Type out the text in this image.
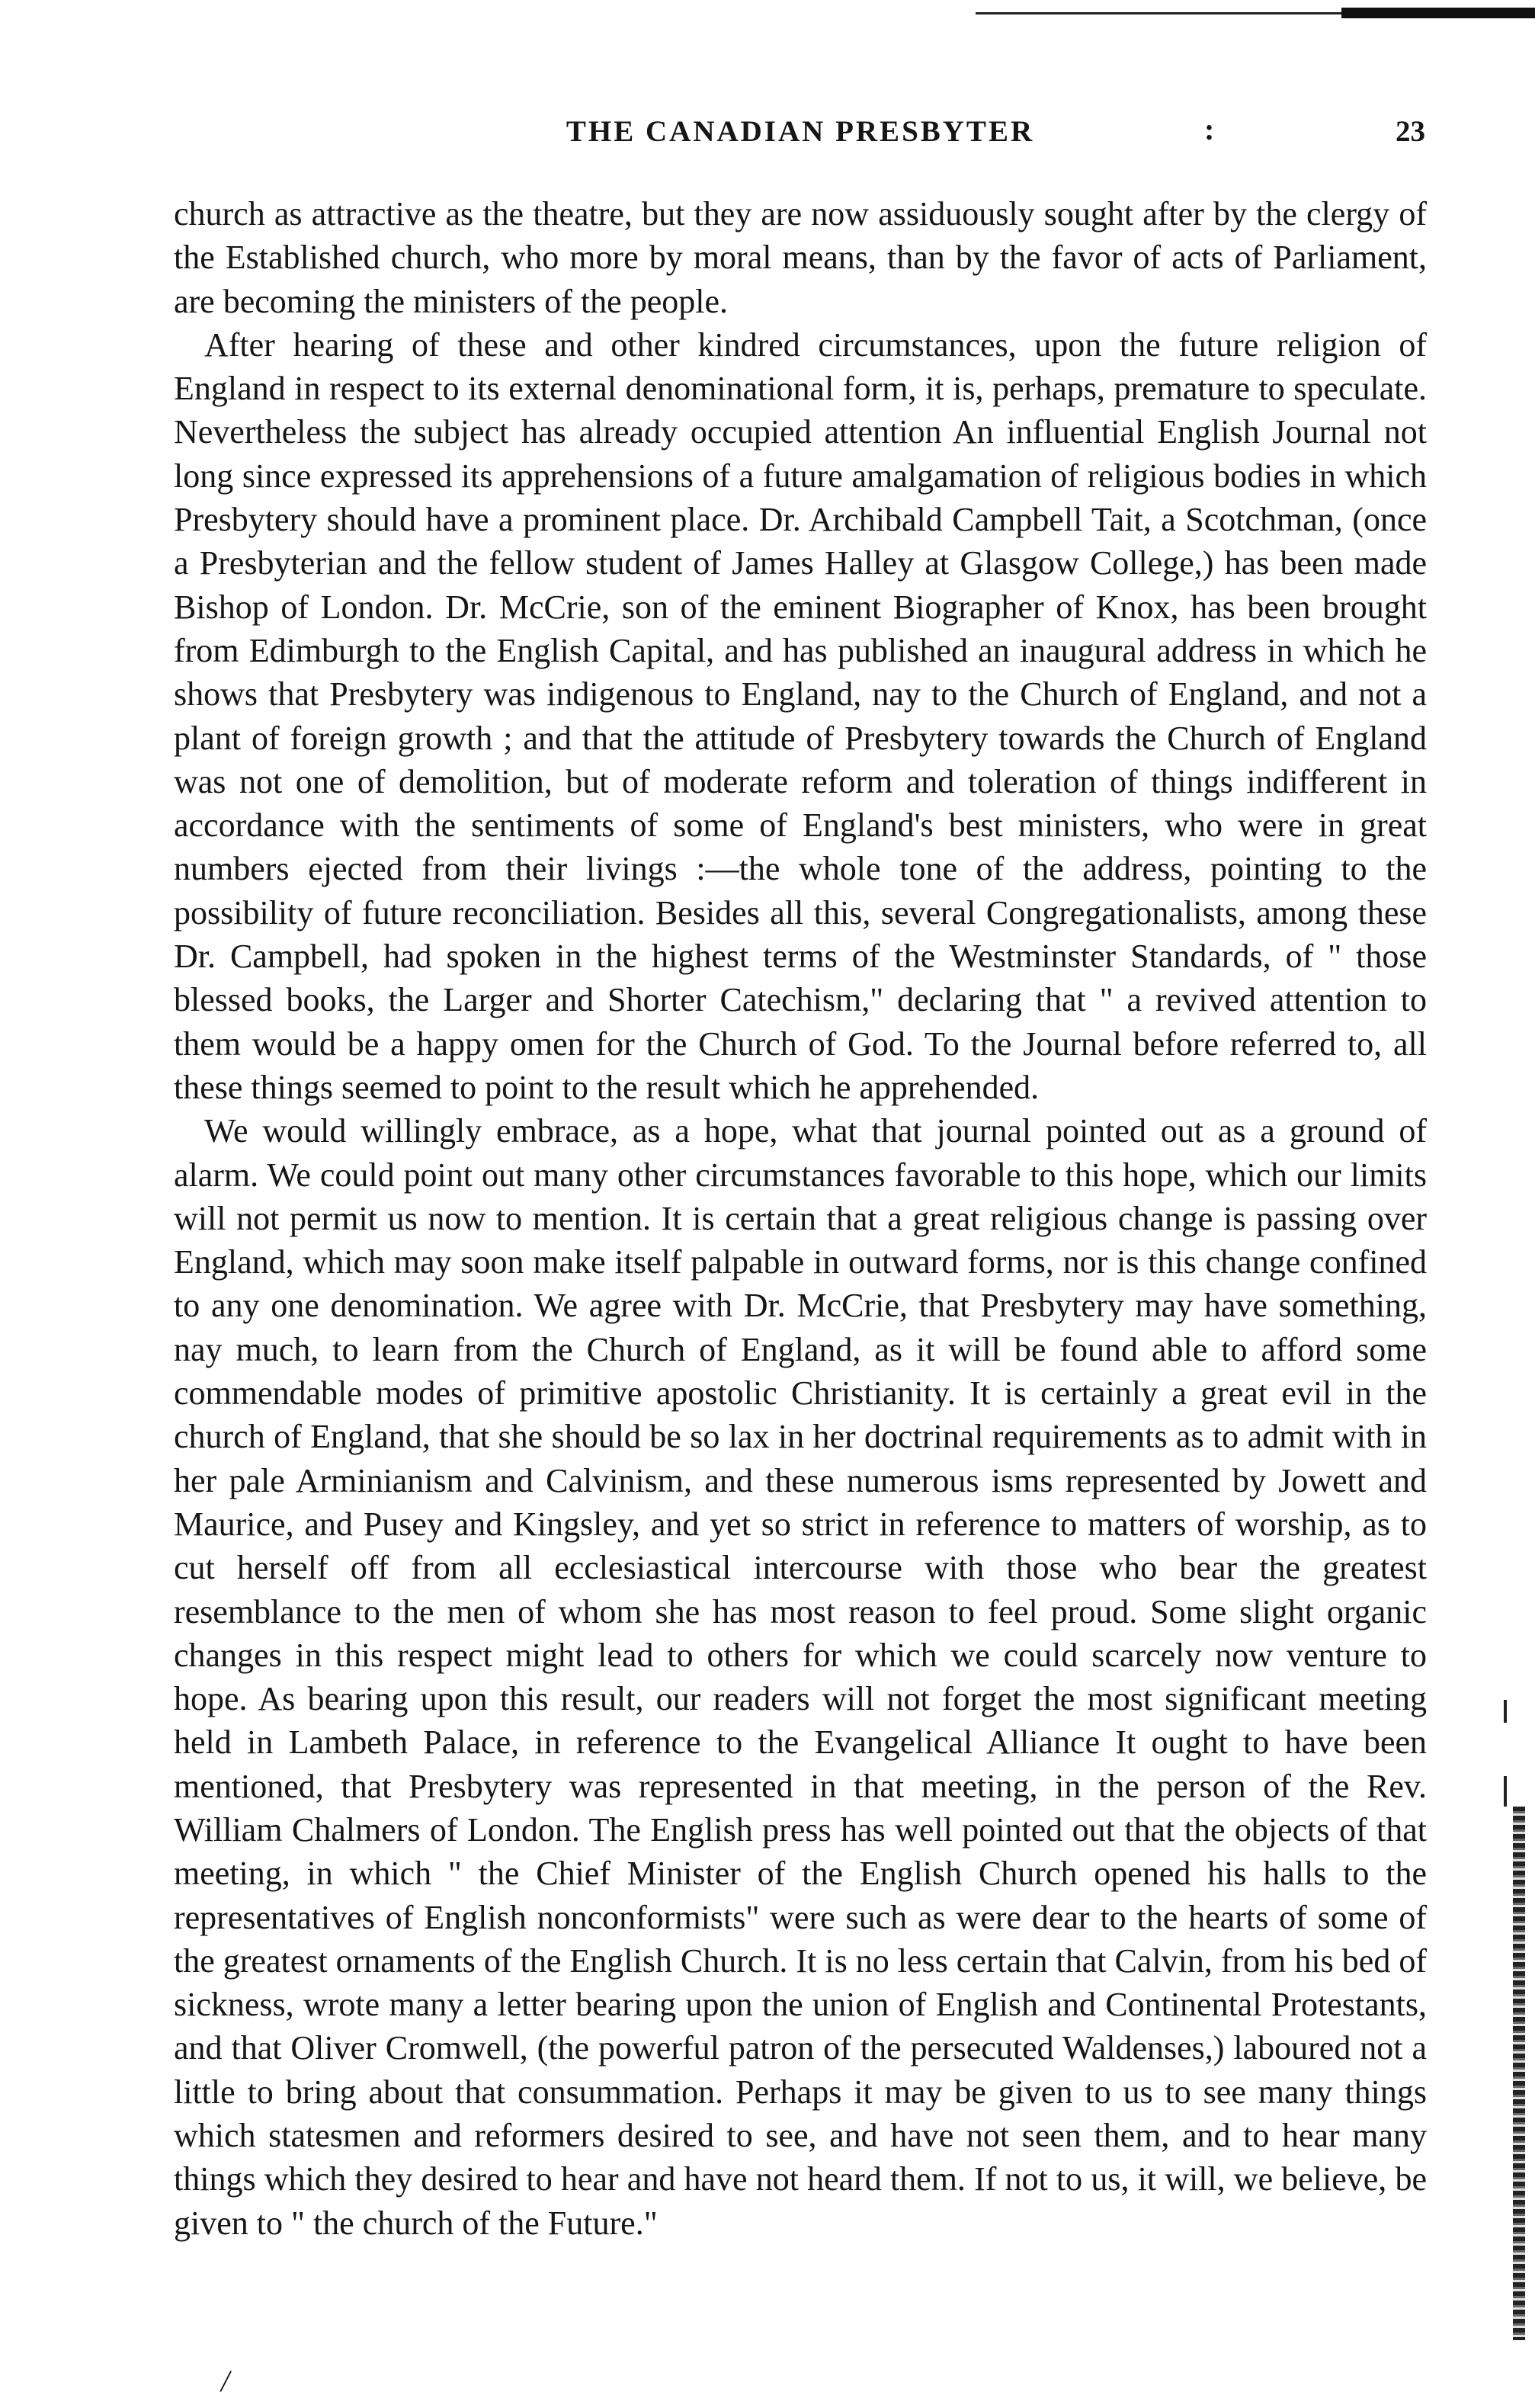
THE CANADIAN PRESBYTER	:	23

church as attractive as the theatre, but they are now assiduously sought after by the clergy of the Established church, who more by moral means, than by the favor of acts of Parliament, are becoming the ministers of the people.

After hearing of these and other kindred circumstances, upon the future religion of England in respect to its external denominational form, it is, perhaps, premature to speculate. Nevertheless the subject has already occupied attention An influential English Journal not long since expressed its apprehensions of a future amalgamation of religious bodies in which Presbytery should have a prominent place. Dr. Archibald Campbell Tait, a Scotchman, (once a Presbyterian and the fellow student of James Halley at Glasgow College,) has been made Bishop of London. Dr. McCrie, son of the eminent Biographer of Knox, has been brought from Edimburgh to the English Capital, and has published an inaugural address in which he shows that Presbytery was indigenous to England, nay to the Church of England, and not a plant of foreign growth ; and that the attitude of Presbytery towards the Church of England was not one of demolition, but of moderate reform and toleration of things indifferent in accordance with the sentiments of some of England's best ministers, who were in great numbers ejected from their livings :—the whole tone of the address, pointing to the possibility of future reconciliation. Besides all this, several Congregationalists, among these Dr. Campbell, had spoken in the highest terms of the Westminster Standards, of " those blessed books, the Larger and Shorter Catechism," declaring that " a revived attention to them would be a happy omen for the Church of God. To the Journal before referred to, all these things seemed to point to the result which he apprehended.

We would willingly embrace, as a hope, what that journal pointed out as a ground of alarm. We could point out many other circumstances favorable to this hope, which our limits will not permit us now to mention. It is certain that a great religious change is passing over England, which may soon make itself palpable in outward forms, nor is this change confined to any one denomination. We agree with Dr. McCrie, that Presbytery may have something, nay much, to learn from the Church of England, as it will be found able to afford some commendable modes of primitive apostolic Christianity. It is certainly a great evil in the church of England, that she should be so lax in her doctrinal requirements as to admit with in her pale Arminianism and Calvinism, and these numerous isms represented by Jowett and Maurice, and Pusey and Kingsley, and yet so strict in reference to matters of worship, as to cut herself off from all ecclesiastical intercourse with those who bear the greatest resemblance to the men of whom she has most reason to feel proud. Some slight organic changes in this respect might lead to others for which we could scarcely now venture to hope. As bearing upon this result, our readers will not forget the most significant meeting held in Lambeth Palace, in reference to the Evangelical Alliance It ought to have been mentioned, that Presbytery was represented in that meeting, in the person of the Rev. William Chalmers of London. The English press has well pointed out that the objects of that meeting, in which " the Chief Minister of the English Church opened his halls to the representatives of English nonconformists" were such as were dear to the hearts of some of the greatest ornaments of the English Church. It is no less certain that Calvin, from his bed of sickness, wrote many a letter bearing upon the union of English and Continental Protestants, and that Oliver Cromwell, (the powerful patron of the persecuted Waldenses,) laboured not a little to bring about that consummation. Perhaps it may be given to us to see many things which statesmen and reformers desired to see, and have not seen them, and to hear many things which they desired to hear and have not heard them. If not to us, it will, we believe, be given to " the church of the Future."

/
